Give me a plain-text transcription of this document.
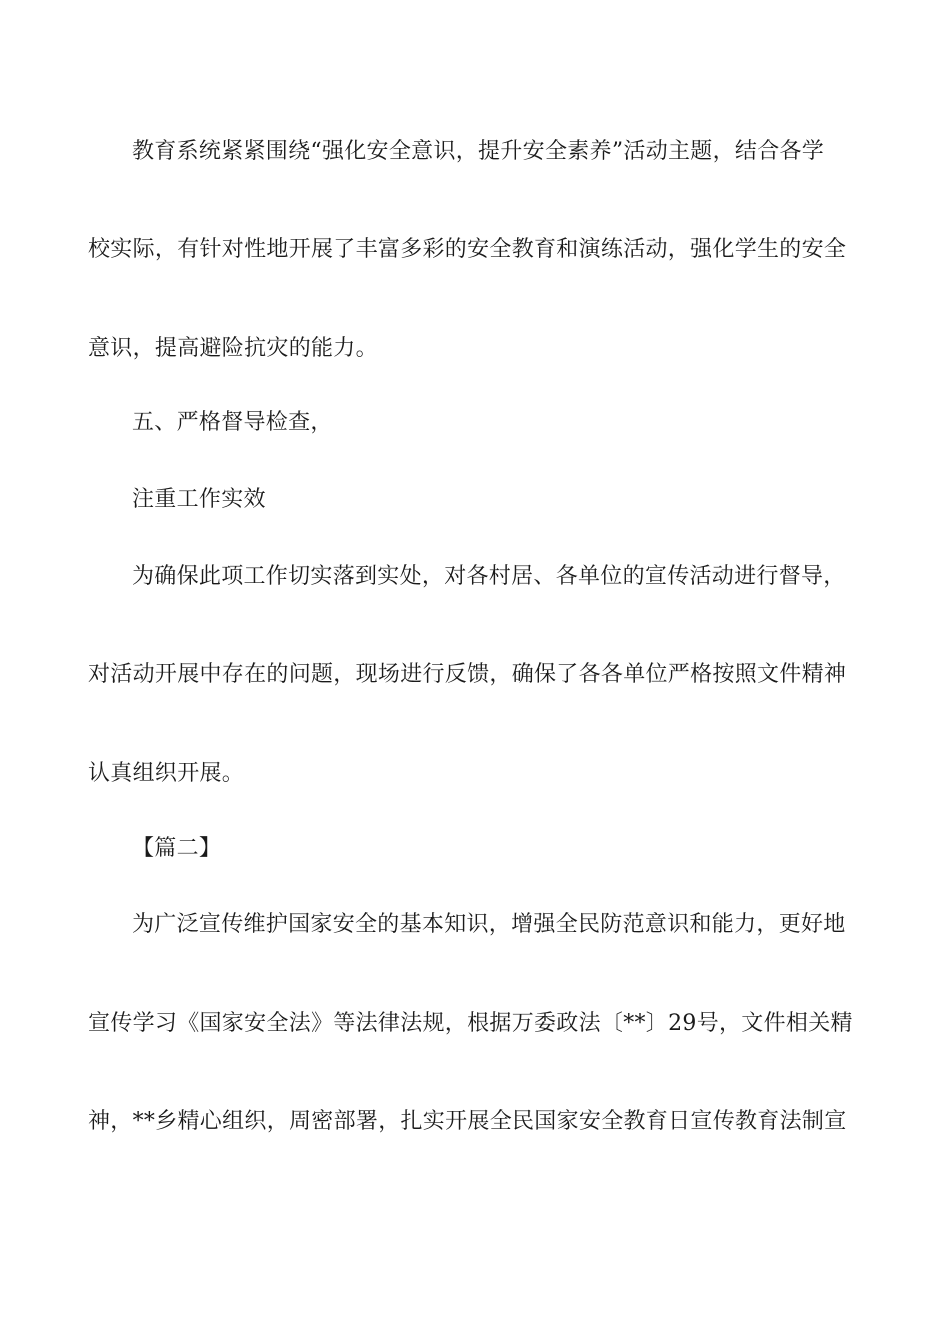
教育系统紧紧围绕“强化安全意识，提升安全素养”活动主题，结合各学
校实际，有针对性地开展了丰富多彩的安全教育和演练活动，强化学生的安全
意识，提高避险抗灾的能力。
五、严格督导检查，
注重工作实效
为确保此项工作切实落到实处，对各村居、各单位的宣传活动进行督导，
对活动开展中存在的问题，现场进行反馈，确保了各各单位严格按照文件精神
认真组织开展。
【篇二】
为广泛宣传维护国家安全的基本知识，增强全民防范意识和能力，更好地
宣传学习《国家安全法》等法律法规，根据万委政法〔**〕29号，文件相关精
神，**乡精心组织，周密部署，扎实开展全民国家安全教育日宣传教育法制宣
